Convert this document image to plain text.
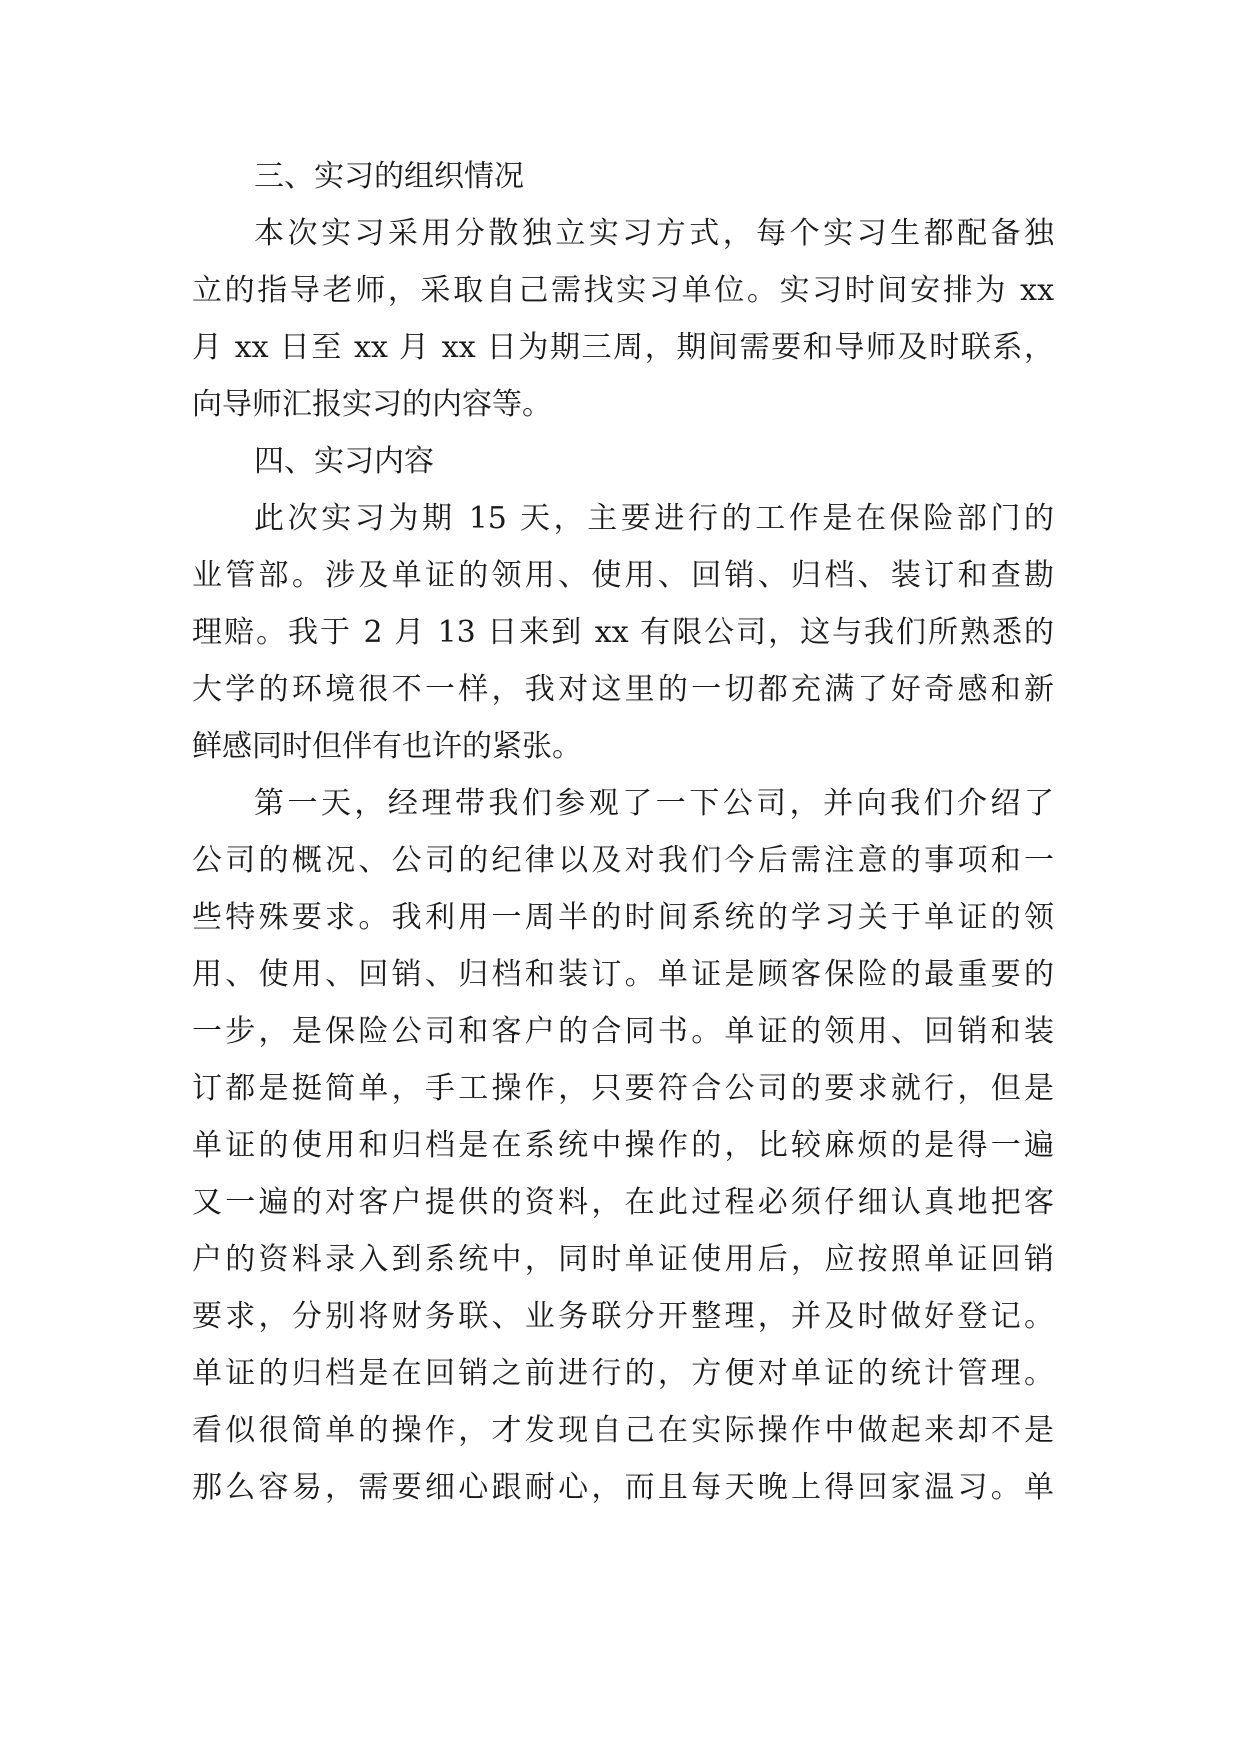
三、实习的组织情况
本次实习采用分散独立实习方式，每个实习生都配备独
立的指导老师，采取自己需找实习单位。实习时间安排为 xx
月 xx 日至 xx 月 xx 日为期三周，期间需要和导师及时联系，
向导师汇报实习的内容等。
四、实习内容
此次实习为期 15 天，主要进行的工作是在保险部门的
业管部。涉及单证的领用、使用、回销、归档、装订和查勘
理赔。我于 2 月 13 日来到 xx 有限公司，这与我们所熟悉的
大学的环境很不一样，我对这里的一切都充满了好奇感和新
鲜感同时但伴有也许的紧张。
第一天，经理带我们参观了一下公司，并向我们介绍了
公司的概况、公司的纪律以及对我们今后需注意的事项和一
些特殊要求。我利用一周半的时间系统的学习关于单证的领
用、使用、回销、归档和装订。单证是顾客保险的最重要的
一步，是保险公司和客户的合同书。单证的领用、回销和装
订都是挺简单，手工操作，只要符合公司的要求就行，但是
单证的使用和归档是在系统中操作的，比较麻烦的是得一遍
又一遍的对客户提供的资料，在此过程必须仔细认真地把客
户的资料录入到系统中，同时单证使用后，应按照单证回销
要求，分别将财务联、业务联分开整理，并及时做好登记。
单证的归档是在回销之前进行的，方便对单证的统计管理。
看似很简单的操作，才发现自己在实际操作中做起来却不是
那么容易，需要细心跟耐心，而且每天晚上得回家温习。单
